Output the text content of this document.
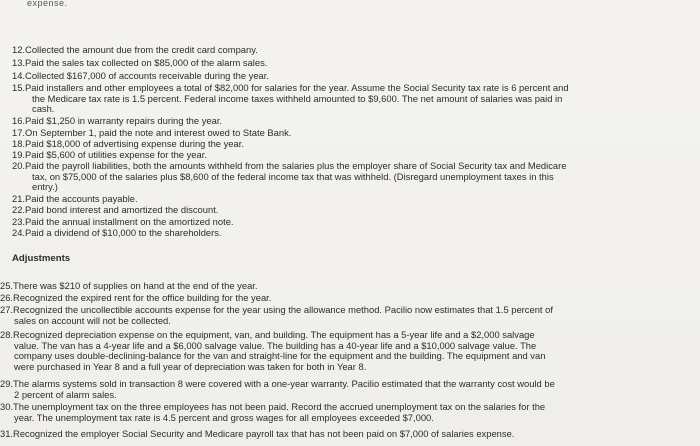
expense.
12.Collected the amount due from the credit card company.
13.Paid the sales tax collected on $85,000 of the alarm sales.
14.Collected $167,000 of accounts receivable during the year.
15.Paid installers and other employees a total of $82,000 for salaries for the year. Assume the Social Security tax rate is 6 percent and
the Medicare tax rate is 1.5 percent. Federal income taxes withheld amounted to $9,600. The net amount of salaries was paid in
cash.
16.Paid $1,250 in warranty repairs during the year.
17.On September 1, paid the note and interest owed to State Bank.
18.Paid $18,000 of advertising expense during the year.
19.Paid $5,600 of utilities expense for the year.
20.Paid the payroll liabilities, both the amounts withheld from the salaries plus the employer share of Social Security tax and Medicare
tax, on $75,000 of the salaries plus $8,600 of the federal income tax that was withheld. (Disregard unemployment taxes in this
entry.)
21.Paid the accounts payable.
22.Paid bond interest and amortized the discount.
23.Paid the annual installment on the amortized note.
24.Paid a dividend of $10,000 to the shareholders.
Adjustments
25.There was $210 of supplies on hand at the end of the year.
26.Recognized the expired rent for the office building for the year.
27.Recognized the uncollectible accounts expense for the year using the allowance method. Pacilio now estimates that 1.5 percent of
sales on account will not be collected.
28.Recognized depreciation expense on the equipment, van, and building. The equipment has a 5-year life and a $2,000 salvage
value. The van has a 4-year life and a $6,000 salvage value. The building has a 40-year life and a $10,000 salvage value. The
company uses double-declining-balance for the van and straight-line for the equipment and the building. The equipment and van
were purchased in Year 8 and a full year of depreciation was taken for both in Year 8.
29.The alarms systems sold in transaction 8 were covered with a one-year warranty. Pacilio estimated that the warranty cost would be
2 percent of alarm sales.
30.The unemployment tax on the three employees has not been paid. Record the accrued unemployment tax on the salaries for the
year. The unemployment tax rate is 4.5 percent and gross wages for all employees exceeded $7,000.
31.Recognized the employer Social Security and Medicare payroll tax that has not been paid on $7,000 of salaries expense.
